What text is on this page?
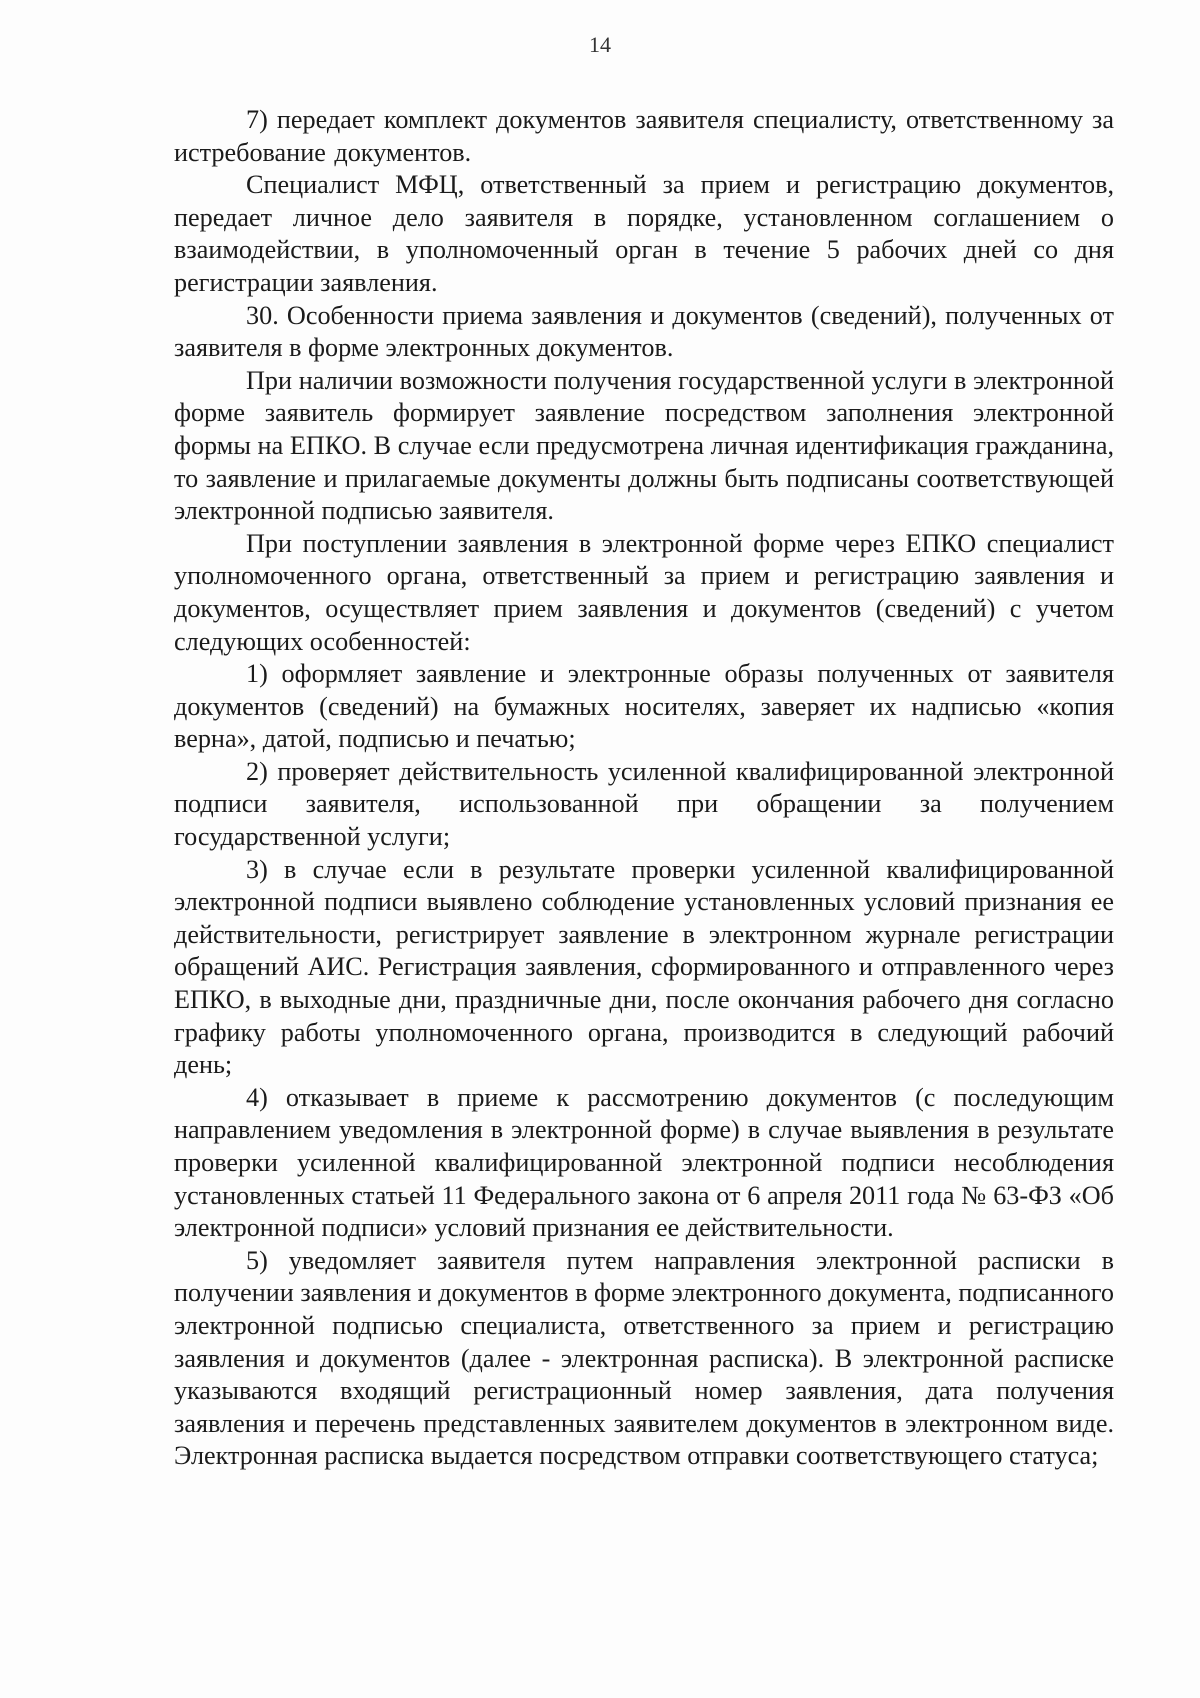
14

7) передает комплект документов заявителя специалисту, ответственному за истребование документов.

Специалист МФЦ, ответственный за прием и регистрацию документов, передает личное дело заявителя в порядке, установленном соглашением о взаимодействии, в уполномоченный орган в течение 5 рабочих дней со дня регистрации заявления.

30. Особенности приема заявления и документов (сведений), полученных от заявителя в форме электронных документов.

При наличии возможности получения государственной услуги в электронной форме заявитель формирует заявление посредством заполнения электронной формы на ЕПКО. В случае если предусмотрена личная идентификация гражданина, то заявление и прилагаемые документы должны быть подписаны соответствующей электронной подписью заявителя.

При поступлении заявления в электронной форме через ЕПКО специалист уполномоченного органа, ответственный за прием и регистрацию заявления и документов, осуществляет прием заявления и документов (сведений) с учетом следующих особенностей:

1) оформляет заявление и электронные образы полученных от заявителя документов (сведений) на бумажных носителях, заверяет их надписью «копия верна», датой, подписью и печатью;

2) проверяет действительность усиленной квалифицированной электронной подписи заявителя, использованной при обращении за получением государственной услуги;

3) в случае если в результате проверки усиленной квалифицированной электронной подписи выявлено соблюдение установленных условий признания ее действительности, регистрирует заявление в электронном журнале регистрации обращений АИС. Регистрация заявления, сформированного и отправленного через ЕПКО, в выходные дни, праздничные дни, после окончания рабочего дня согласно графику работы уполномоченного органа, производится в следующий рабочий день;

4) отказывает в приеме к рассмотрению документов (с последующим направлением уведомления в электронной форме) в случае выявления в результате проверки усиленной квалифицированной электронной подписи несоблюдения установленных статьей 11 Федерального закона от 6 апреля 2011 года № 63-ФЗ «Об электронной подписи» условий признания ее действительности.

5) уведомляет заявителя путем направления электронной расписки в получении заявления и документов в форме электронного документа, подписанного электронной подписью специалиста, ответственного за прием и регистрацию заявления и документов (далее - электронная расписка). В электронной расписке указываются входящий регистрационный номер заявления, дата получения заявления и перечень представленных заявителем документов в электронном виде. Электронная расписка выдается посредством отправки соответствующего статуса;
